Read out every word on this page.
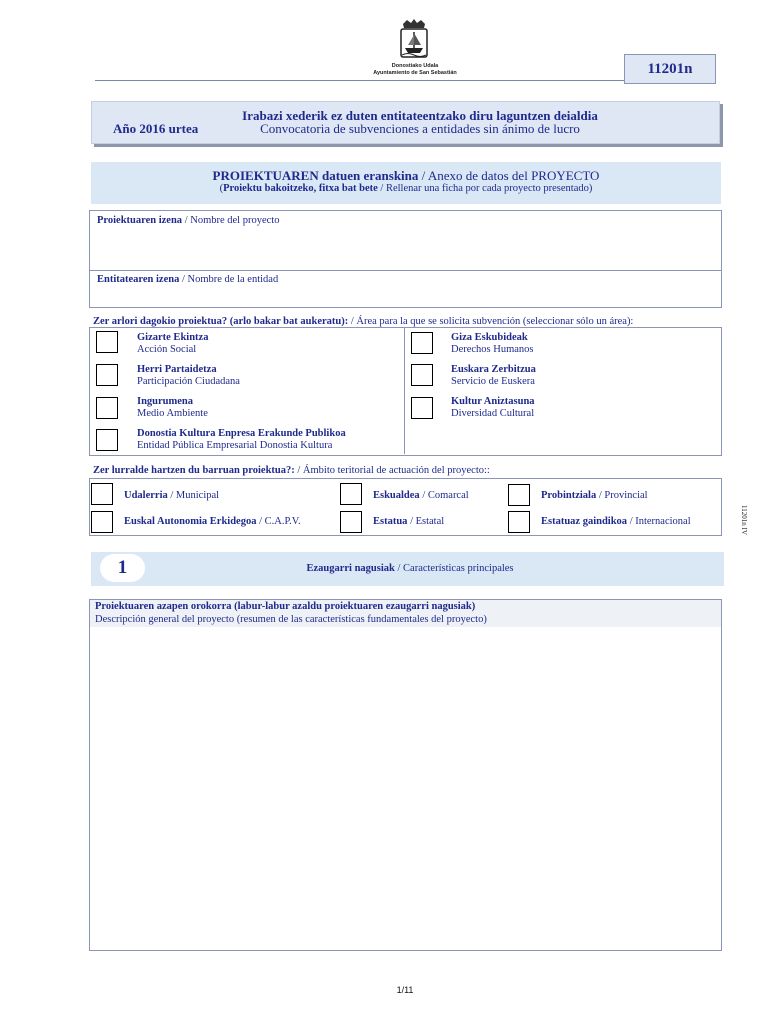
Donostiako Udala
Ayuntamiento de San Sebastián	11201n
Año 2016 urtea
Irabazi xederik ez duten entitateentzako diru laguntzen deialdia
Convocatoria de subvenciones a entidades sin ánimo de lucro
PROIEKTUAREN datuen eranskina / Anexo de datos del PROYECTO
(Proiektu bakoitzeko, fitxa bat bete / Rellenar una ficha por cada proyecto presentado)
Proiektuaren izena / Nombre del proyecto
Entitatearen izena / Nombre de la entidad
Zer arlori dagokio proiektua? (arlo bakar bat aukeratu): / Área para la que se solicita subvención (seleccionar sólo un área):
Gizarte Ekintza
Acción Social
Herri Partaidetza
Participación Ciudadana
Ingurumena
Medio Ambiente
Donostia Kultura Enpresa Erakunde Publikoa
Entidad Pública Empresarial Donostia Kultura
Giza Eskubideak
Derechos Humanos
Euskara Zerbitzua
Servicio de Euskera
Kultur Aniztasuna
Diversidad Cultural
Zer lurralde hartzen du barruan proiektua?: / Ámbito teritorial de actuación del proyecto::
Udalerria / Municipal	Eskualdea / Comarcal	Probintziala / Provincial
Euskal Autonomia Erkidegoa / C.A.P.V.	Estatua / Estatal	Estatuaz gaindikoa / Internacional	11201n IV
1	Ezaugarri nagusiak / Características principales
Proiektuaren azapen orokorra (labur-labur azaldu proiektuaren ezaugarri nagusiak)
Descripción general del proyecto (resumen de las características fundamentales del proyecto)
1/11
